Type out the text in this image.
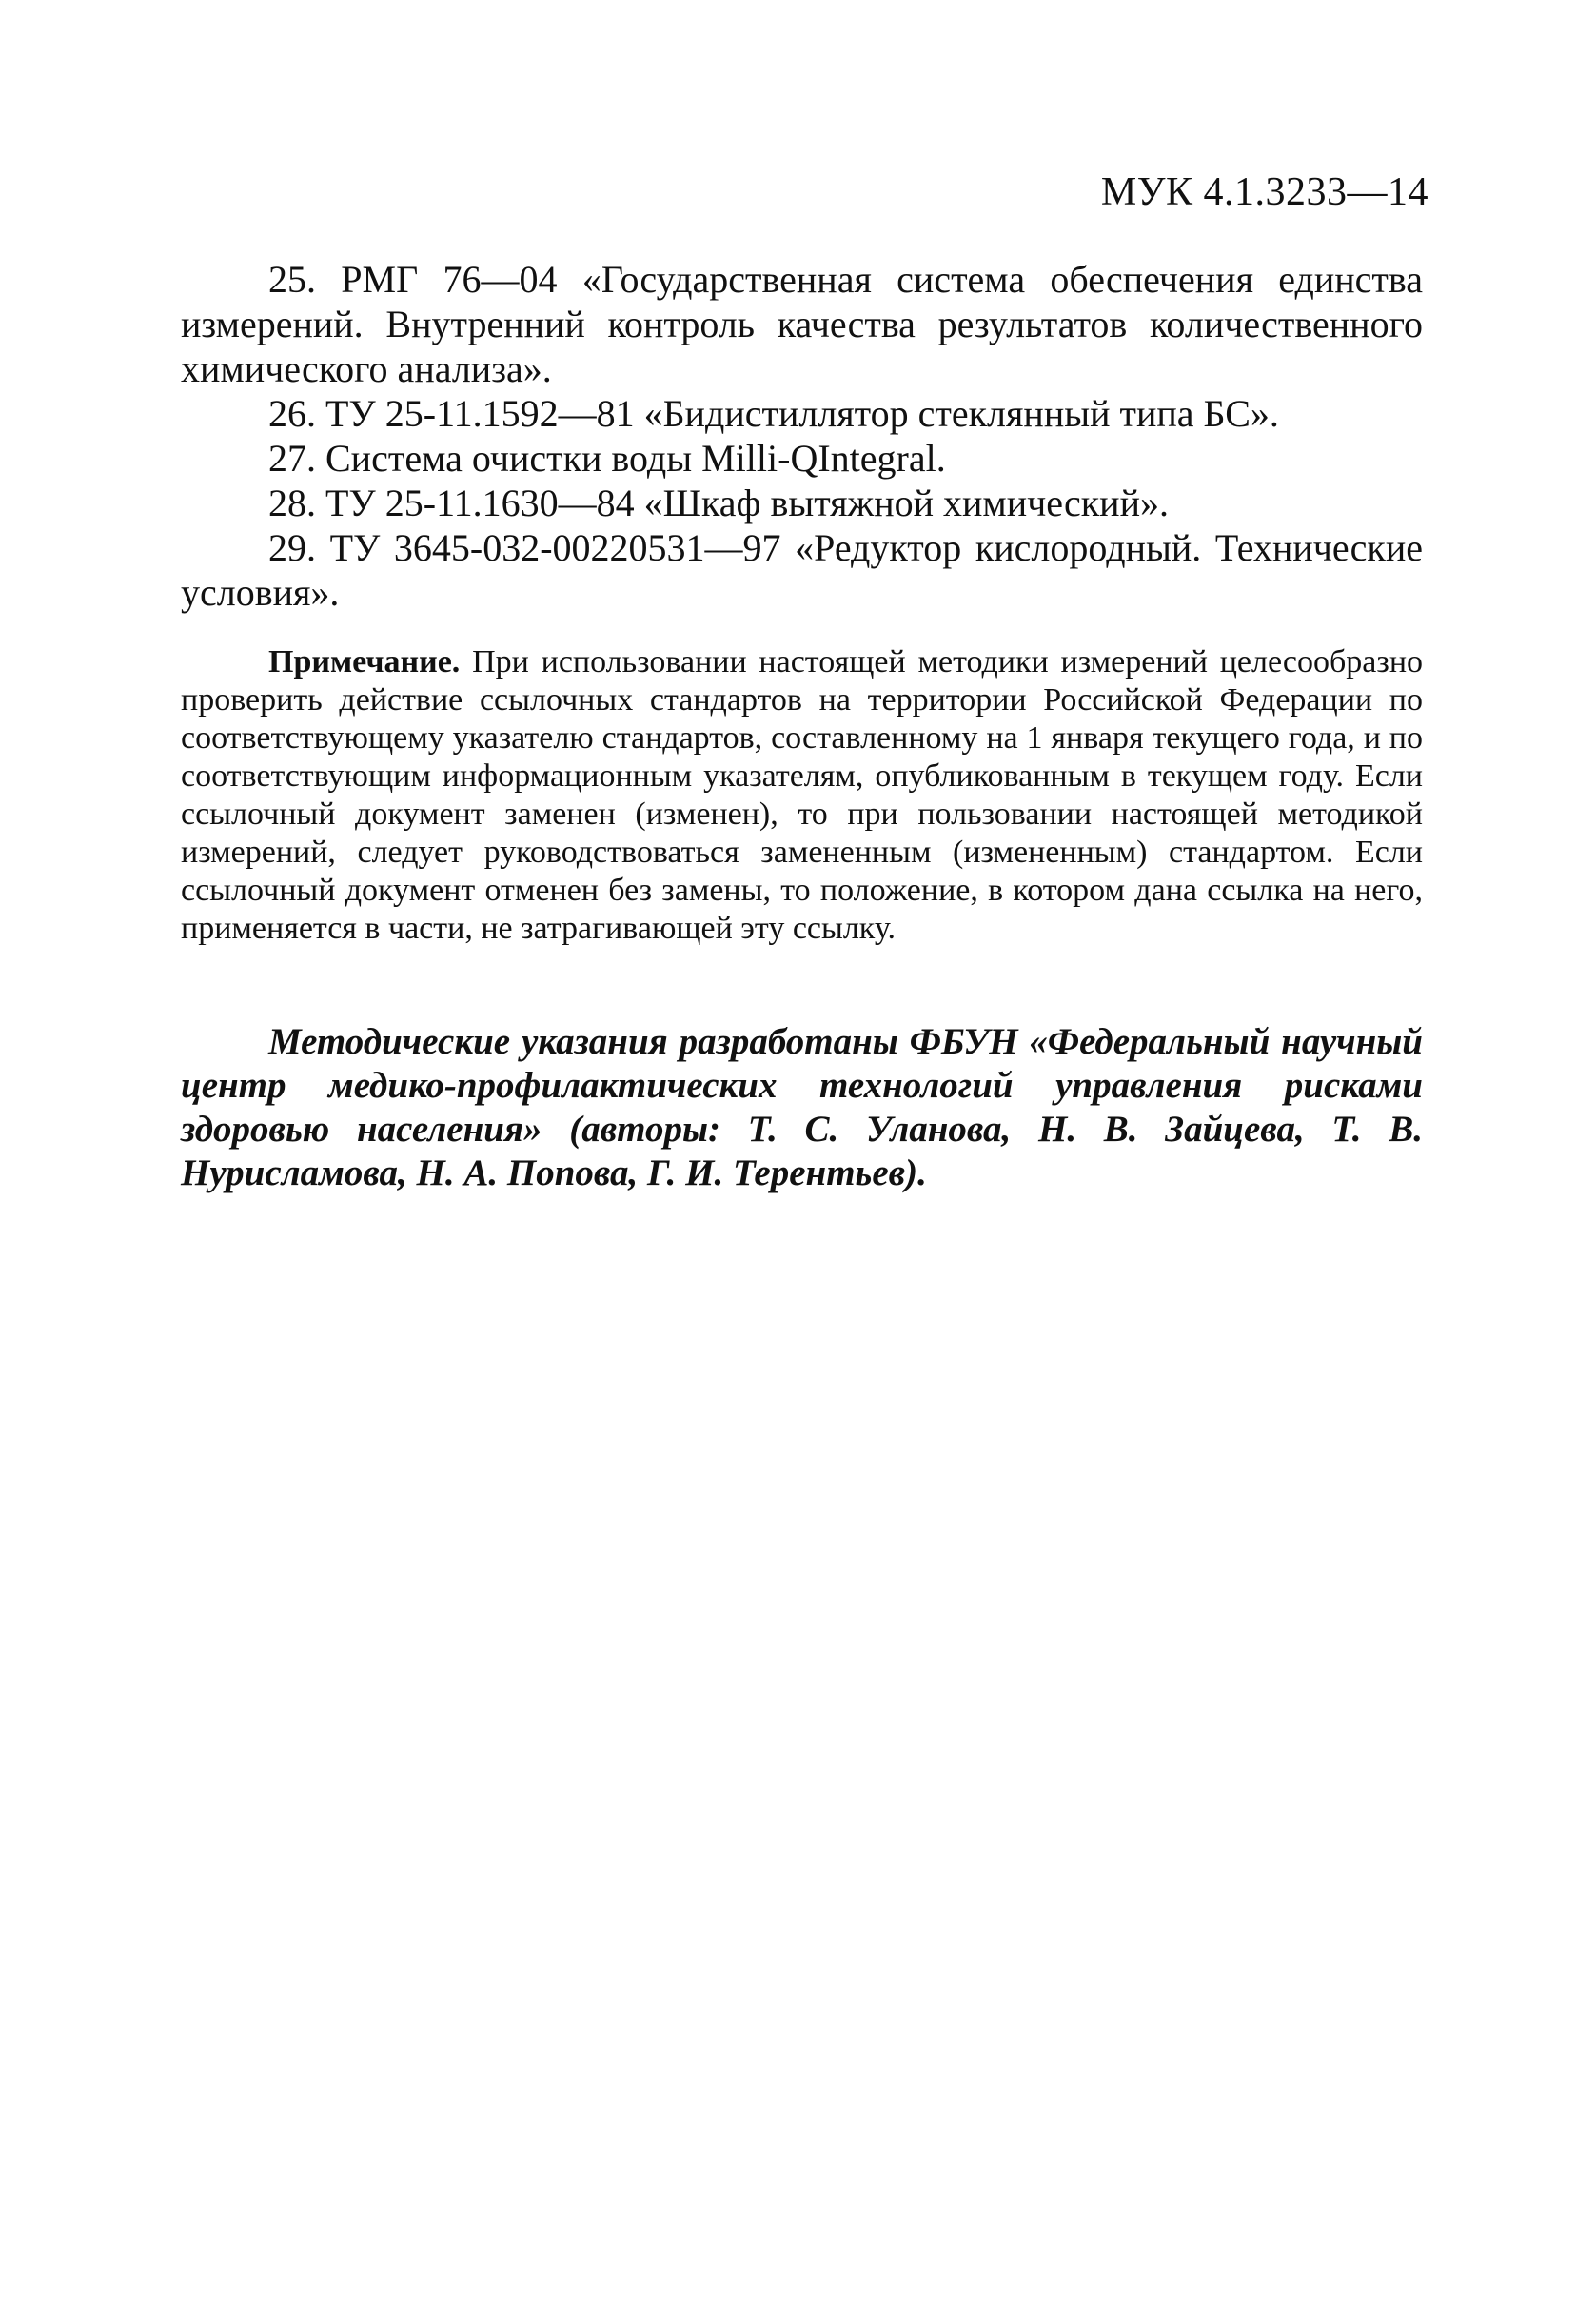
МУК 4.1.3233—14

25. РМГ 76—04 «Государственная система обеспечения единства измерений. Внутренний контроль качества результатов количественного химического анализа».

26. ТУ 25-11.1592—81 «Бидистиллятор стеклянный типа БС».

27. Система очистки воды Milli-QIntegral.

28. ТУ 25-11.1630—84 «Шкаф вытяжной химический».

29. ТУ 3645-032-00220531—97 «Редуктор кислородный. Технические условия».

Примечание. При использовании настоящей методики измерений целесообразно проверить действие ссылочных стандартов на территории Российской Федерации по соответствующему указателю стандартов, составленному на 1 января текущего года, и по соответствующим информационным указателям, опубликованным в текущем году. Если ссылочный документ заменен (изменен), то при пользовании настоящей методикой измерений, следует руководствоваться замененным (измененным) стандартом. Если ссылочный документ отменен без замены, то положение, в котором дана ссылка на него, применяется в части, не затрагивающей эту ссылку.

Методические указания разработаны ФБУН «Федеральный научный центр медико-профилактических технологий управления рисками здоровью населения» (авторы: Т. С. Уланова, Н. В. Зайцева, Т. В. Нурисламова, Н. А. Попова, Г. И. Терентьев).
